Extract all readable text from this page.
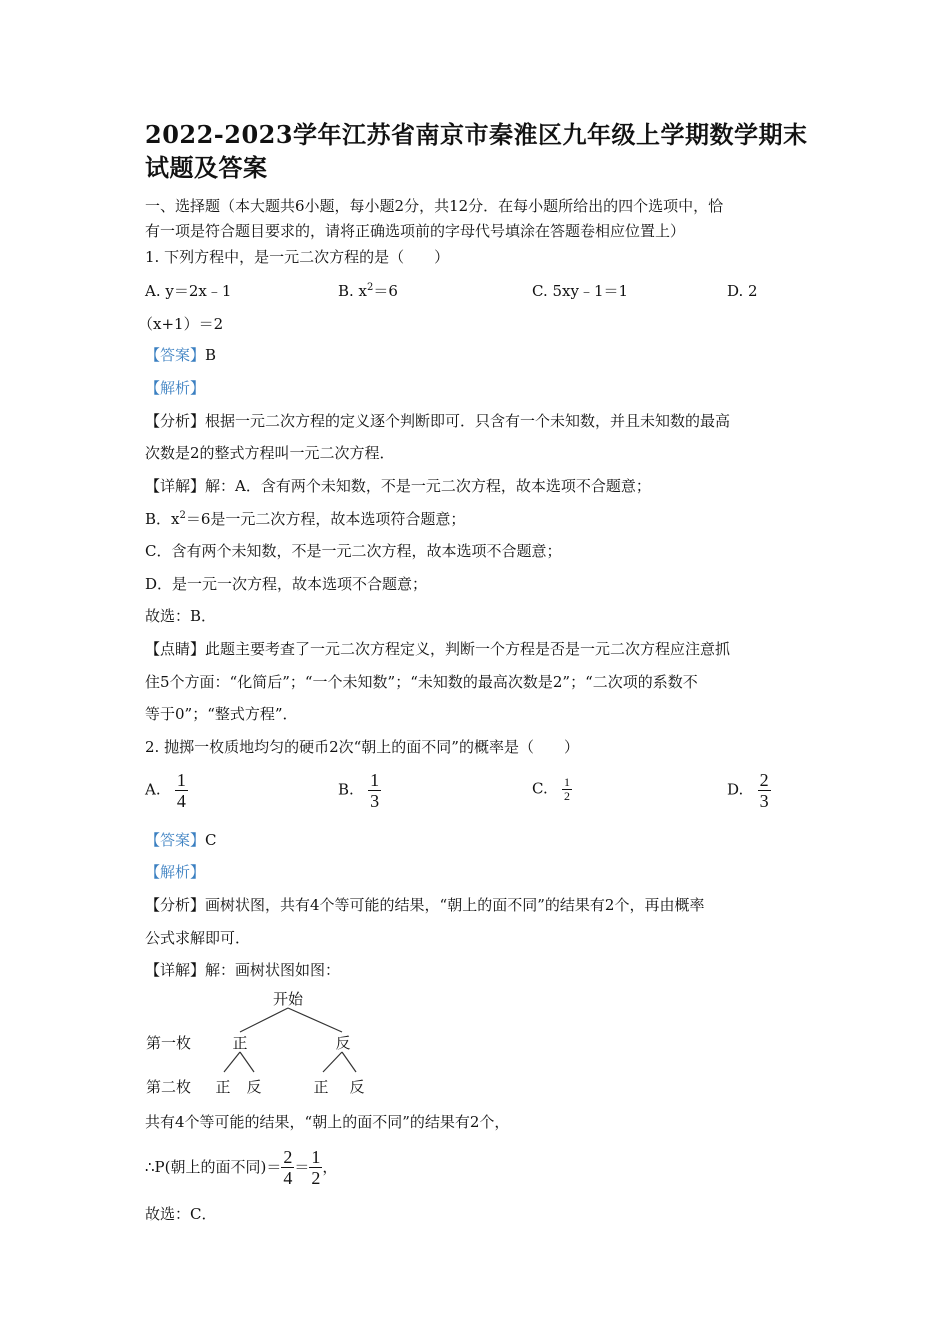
2022-2023学年江苏省南京市秦淮区九年级上学期数学期末试题及答案
一、选择题（本大题共6小题，每小题2分，共12分．在每小题所给出的四个选项中，恰
有一项是符合题目要求的，请将正确选项前的字母代号填涂在答题卷相应位置上）
1. 下列方程中，是一元二次方程的是（　　）
A. y＝2x﹣1	B. $x^2=6$	C. 5xy﹣1＝1	D. 2
（x+1）＝2
【答案】B
【解析】
【分析】根据一元二次方程的定义逐个判断即可．只含有一个未知数，并且未知数的最高
次数是2的整式方程叫一元二次方程．
【详解】解：A．含有两个未知数，不是一元二次方程，故本选项不合题意；
B．$x^2=6$是一元二次方程，故本选项符合题意；
C．含有两个未知数，不是一元二次方程，故本选项不合题意；
D．是一元一次方程，故本选项不合题意；
故选：B．
【点睛】此题主要考查了一元二次方程定义，判断一个方程是否是一元二次方程应注意抓
住5个方面：“化简后”；“一个未知数”；“未知数的最高次数是2”；“二次项的系数不
等于0”；“整式方程”．
2. 抛掷一枚质地均匀的硬币2次“朝上的面不同”的概率是（　　）
A. $\frac{1}{4}$	B. $\frac{1}{3}$	C. $\frac{1}{2}$	D. $\frac{2}{3}$
【答案】C
【解析】
【分析】画树状图，共有4个等可能的结果，“朝上的面不同”的结果有2个，再由概率
公式求解即可．
【详解】解：画树状图如图：
开始
第一枚	正	反
第二枚 正 反	正 反
共有4个等可能的结果，“朝上的面不同”的结果有2个，
∴P(朝上的面不同)＝ $\frac{2}{4} = \frac{1}{2}$ ，
故选：C．
